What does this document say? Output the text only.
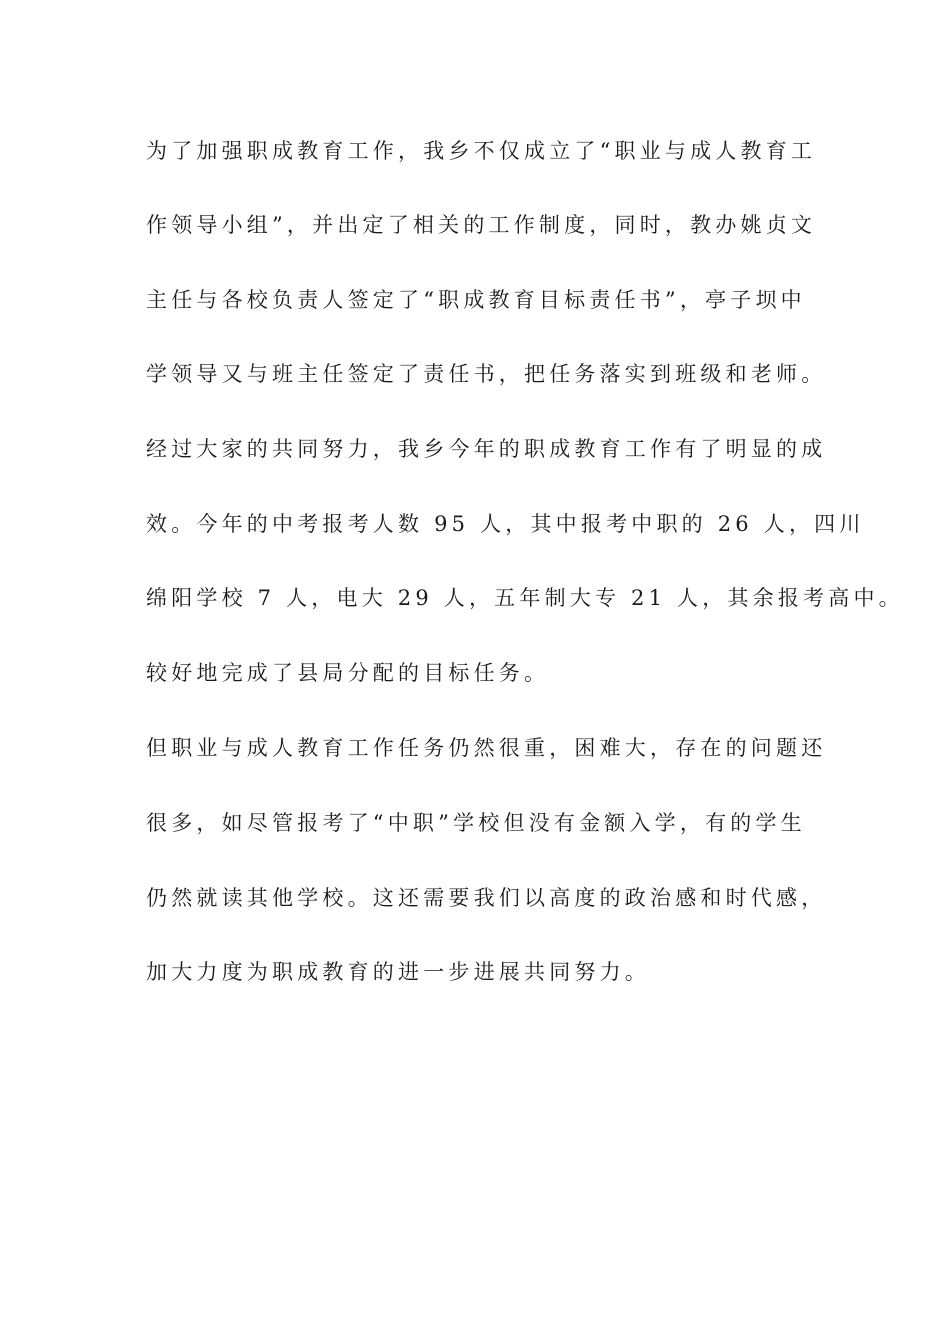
为了加强职成教育工作，我乡不仅成立了“职业与成人教育工
作领导小组”，并出定了相关的工作制度，同时，教办姚贞文
主任与各校负责人签定了“职成教育目标责任书”，亭子坝中
学领导又与班主任签定了责任书，把任务落实到班级和老师。
经过大家的共同努力，我乡今年的职成教育工作有了明显的成
效。今年的中考报考人数 95 人，其中报考中职的 26 人，四川
绵阳学校 7 人，电大 29 人，五年制大专 21 人，其余报考高中。
较好地完成了县局分配的目标任务。
但职业与成人教育工作任务仍然很重，困难大，存在的问题还
很多，如尽管报考了“中职”学校但没有金额入学，有的学生
仍然就读其他学校。这还需要我们以高度的政治感和时代感，
加大力度为职成教育的进一步进展共同努力。
